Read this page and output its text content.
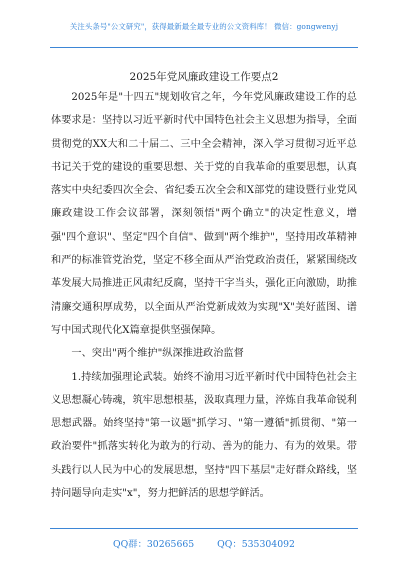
关注头条号"公文研究"，获得最新最全最专业的公文资料库！ 微信：gongwenyj
2025年党风廉政建设工作要点2

2025年是"十四五"规划收官之年，今年党风廉政建设工作的总体要求是：坚持以习近平新时代中国特色社会主义思想为指导，全面贯彻党的XX大和二十届二、三中全会精神，深入学习贯彻习近平总书记关于党的建设的重要思想、关于党的自我革命的重要思想，认真落实中央纪委四次全会、省纪委五次全会和X部党的建设暨行业党风廉政建设工作会议部署，深刻领悟"两个确立"的决定性意义，增强"四个意识"、坚定"四个自信"、做到"两个维护"，坚持用改革精神和严的标准管党治党，坚定不移全面从严治党政治责任，紧紧围绕改革发展大局推进正风肃纪反腐，坚持干字当头，强化正向激励，助推清廉交通积厚成势，以全面从严治党新成效为实现"X"美好蓝图、谱写中国式现代化X篇章提供坚强保障。

一、突出"两个维护"纵深推进政治监督

1.持续加强理论武装。始终不渝用习近平新时代中国特色社会主义思想凝心铸魂，筑牢思想根基，汲取真理力量，淬炼自我革命锐利思想武器。始终坚持"第一议题"抓学习、"第一遵循"抓贯彻、"第一政治要件"抓落实转化为敢为的行动、善为的能力、有为的效果。带头践行以人民为中心的发展思想，坚持"四下基层"走好群众路线，坚持问题导向走实"x"，努力把鲜活的思想学鲜活。

QQ群：30265665 QQ：535304092
